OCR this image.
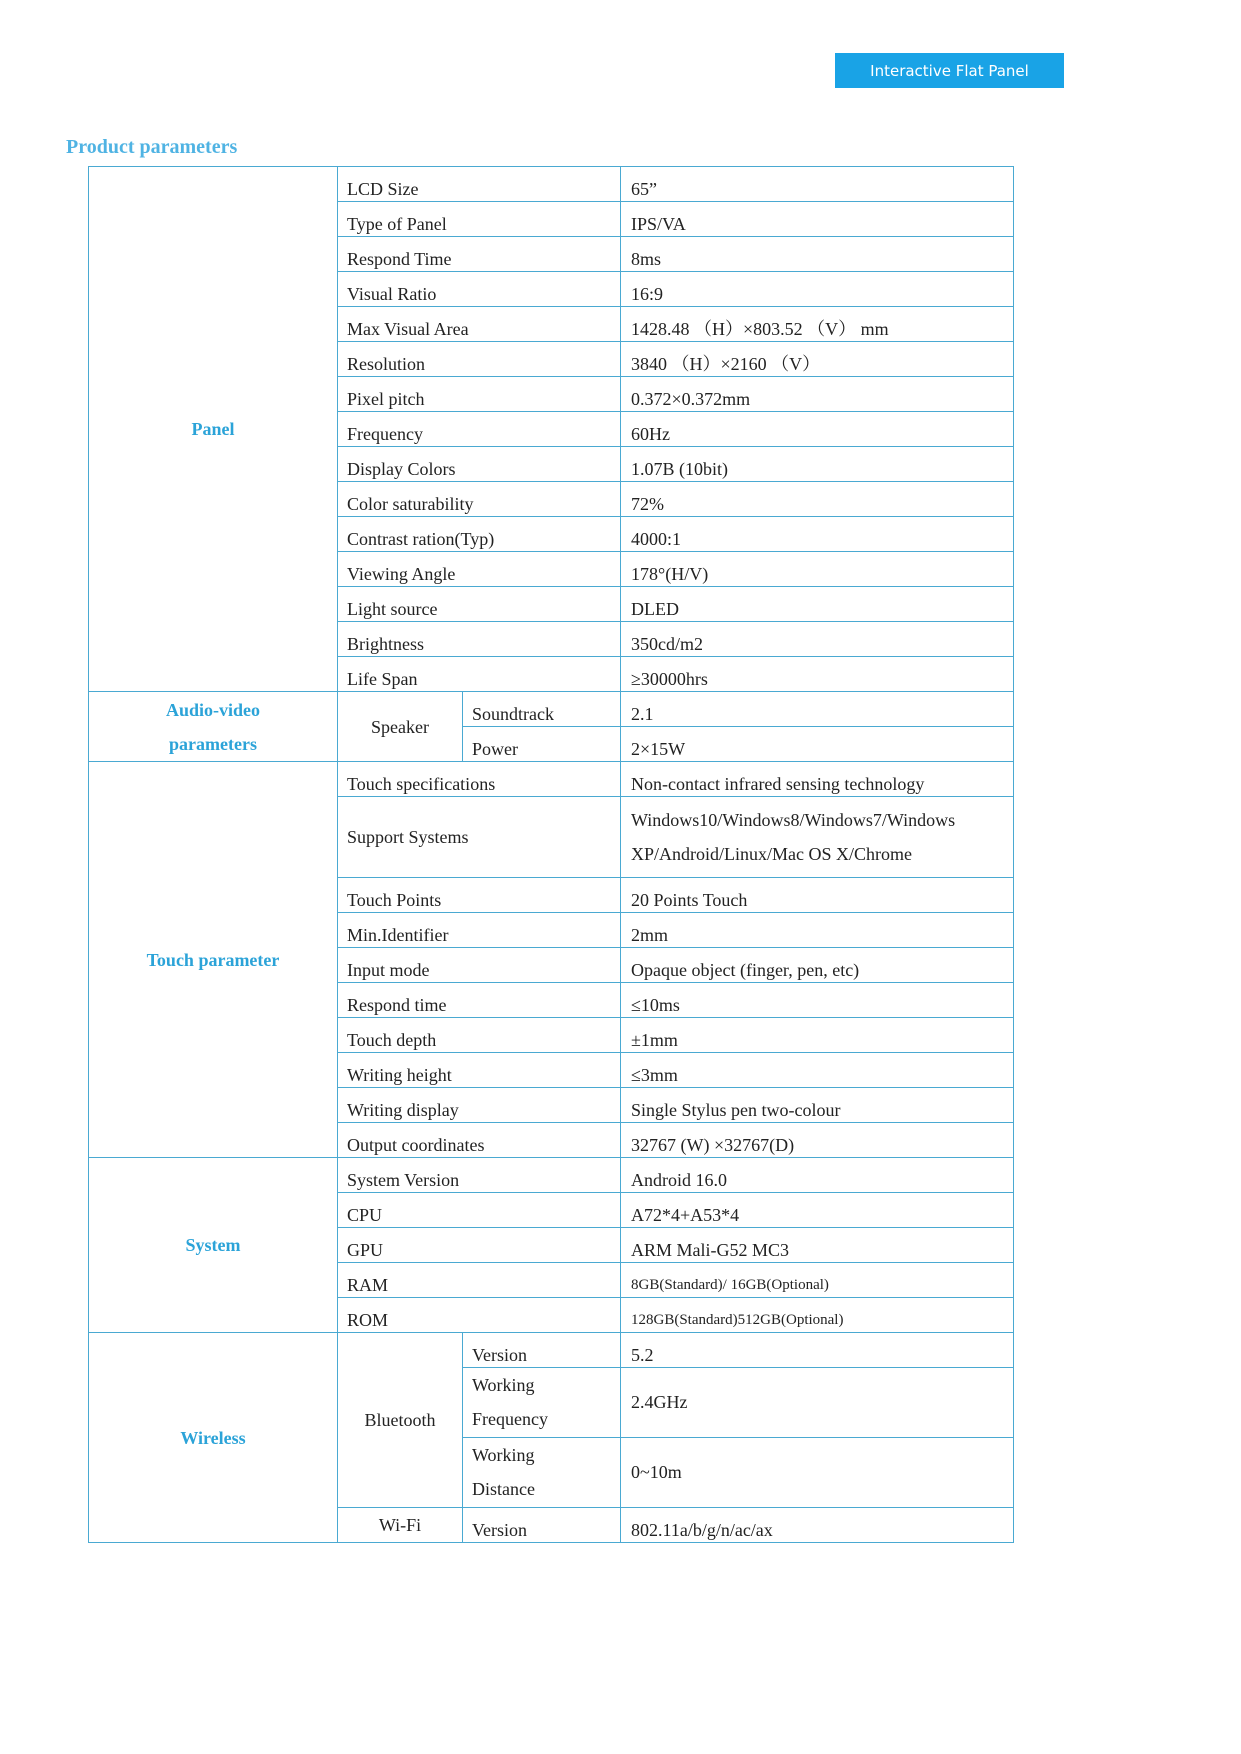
Interactive Flat Panel
Product parameters
Panel	LCD Size		65”
	Type of Panel		IPS/VA
	Respond Time		8ms
	Visual Ratio		16:9
	Max Visual Area		1428.48 （H）×803.52 （V） mm
	Resolution		3840 （H）×2160 （V）
	Pixel pitch		0.372×0.372mm
	Frequency		60Hz
	Display Colors		1.07B (10bit)
	Color saturability		72%
	Contrast ration(Typ)		4000:1
	Viewing Angle		178°(H/V)
	Light source		DLED
	Brightness		350cd/m2
	Life Span		≥30000hrs
Audio-video
parameters	Speaker	Soundtrack	2.1
		Power	2×15W
Touch parameter	Touch specifications		Non-contact infrared sensing technology
	Support Systems		Windows10/Windows8/Windows7/Windows
XP/Android/Linux/Mac OS X/Chrome
	Touch Points		20 Points Touch
	Min.Identifier		2mm
	Input mode		Opaque object (finger, pen, etc)
	Respond time		≤10ms
	Touch depth		±1mm
	Writing height		≤3mm
	Writing display		Single Stylus pen two-colour
	Output coordinates		32767 (W) ×32767(D)
System	System Version		Android 16.0
	CPU		A72*4+A53*4
	GPU		ARM Mali-G52 MC3
	RAM		8GB(Standard)/ 16GB(Optional)
	ROM		128GB(Standard)512GB(Optional)
Wireless	Bluetooth	Version	5.2
		Working
Frequency	2.4GHz
		Working
Distance	0~10m
	Wi-Fi	Version	802.11a/b/g/n/ac/ax
